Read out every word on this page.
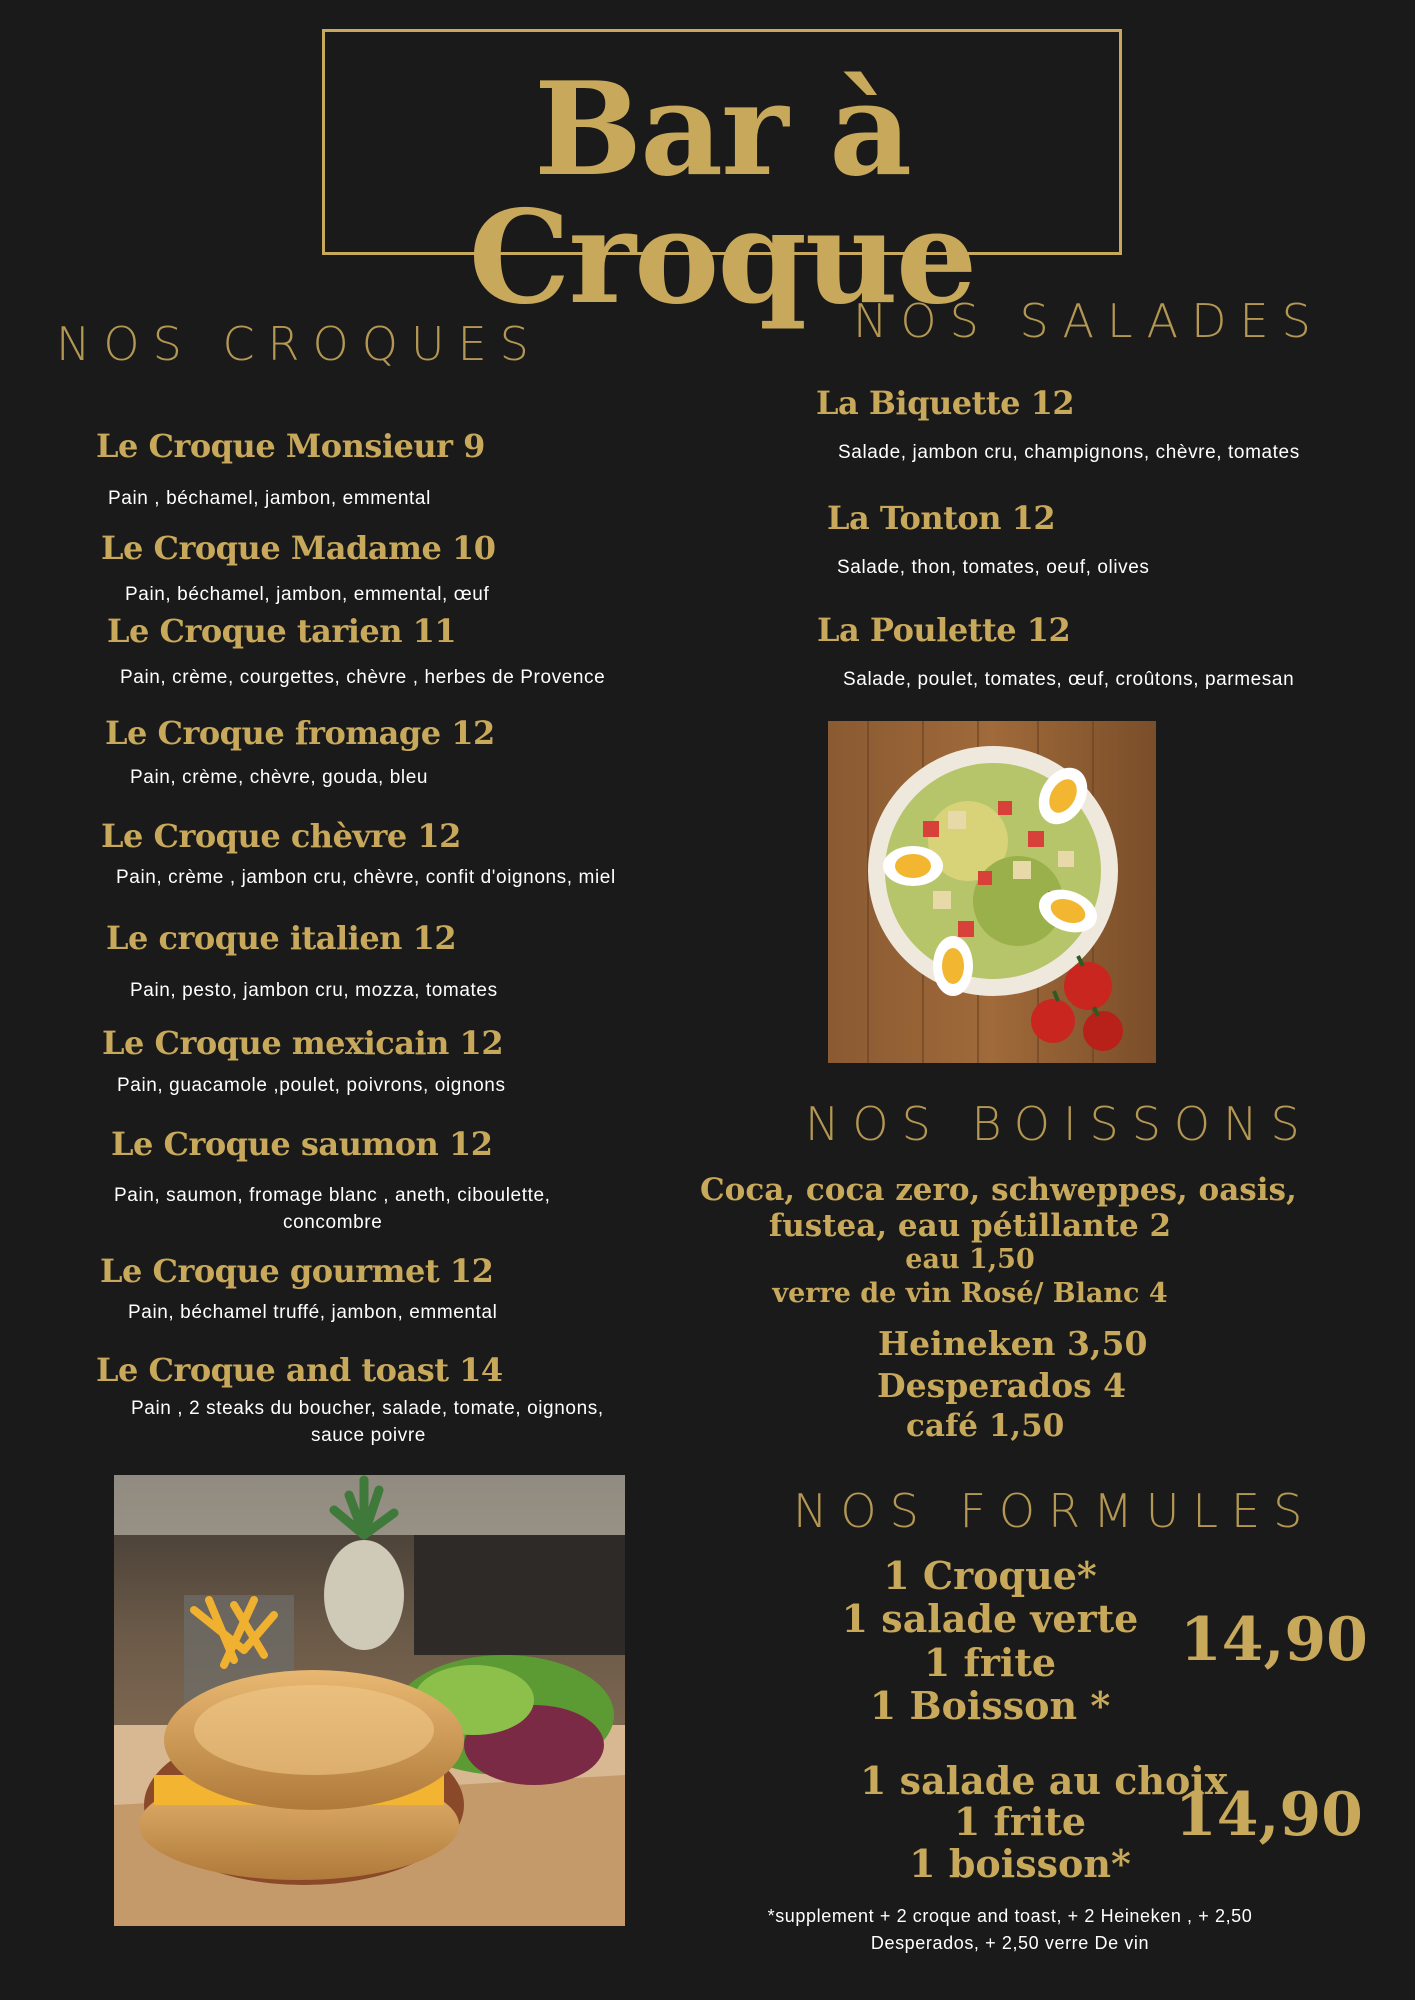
Bar à Croque
NOS CROQUES
Le Croque Monsieur 9
Pain , béchamel, jambon, emmental
Le Croque Madame 10
Pain, béchamel, jambon, emmental, œuf
Le Croque tarien 11
Pain, crème, courgettes, chèvre , herbes de Provence
Le Croque fromage 12
Pain, crème, chèvre, gouda, bleu
Le Croque chèvre 12
Pain, crème , jambon cru, chèvre, confit d'oignons, miel
Le croque italien 12
Pain, pesto, jambon cru, mozza, tomates
Le Croque mexicain 12
Pain, guacamole ,poulet, poivrons, oignons
Le Croque saumon 12
Pain, saumon, fromage blanc , aneth, ciboulette,
concombre
Le Croque gourmet 12
Pain, béchamel truffé, jambon, emmental
Le Croque and toast 14
Pain , 2 steaks du boucher, salade, tomate, oignons,
sauce poivre
NOS SALADES
La Biquette 12
Salade, jambon cru, champignons, chèvre, tomates
La Tonton 12
Salade, thon, tomates, oeuf, olives
La Poulette 12
Salade, poulet, tomates, œuf, croûtons, parmesan
NOS BOISSONS
Coca, coca zero, schweppes, oasis,
fustea, eau pétillante 2
eau 1,50
verre de vin Rosé/ Blanc 4
Heineken 3,50
Desperados 4
café 1,50
NOS FORMULES
1 Croque*
1 salade verte
1 frite
1 Boisson *
14,90
1 salade au choix
1 frite
1 boisson*
14,90
*supplement + 2 croque and toast, + 2 Heineken , + 2,50
Desperados, + 2,50 verre De vin
